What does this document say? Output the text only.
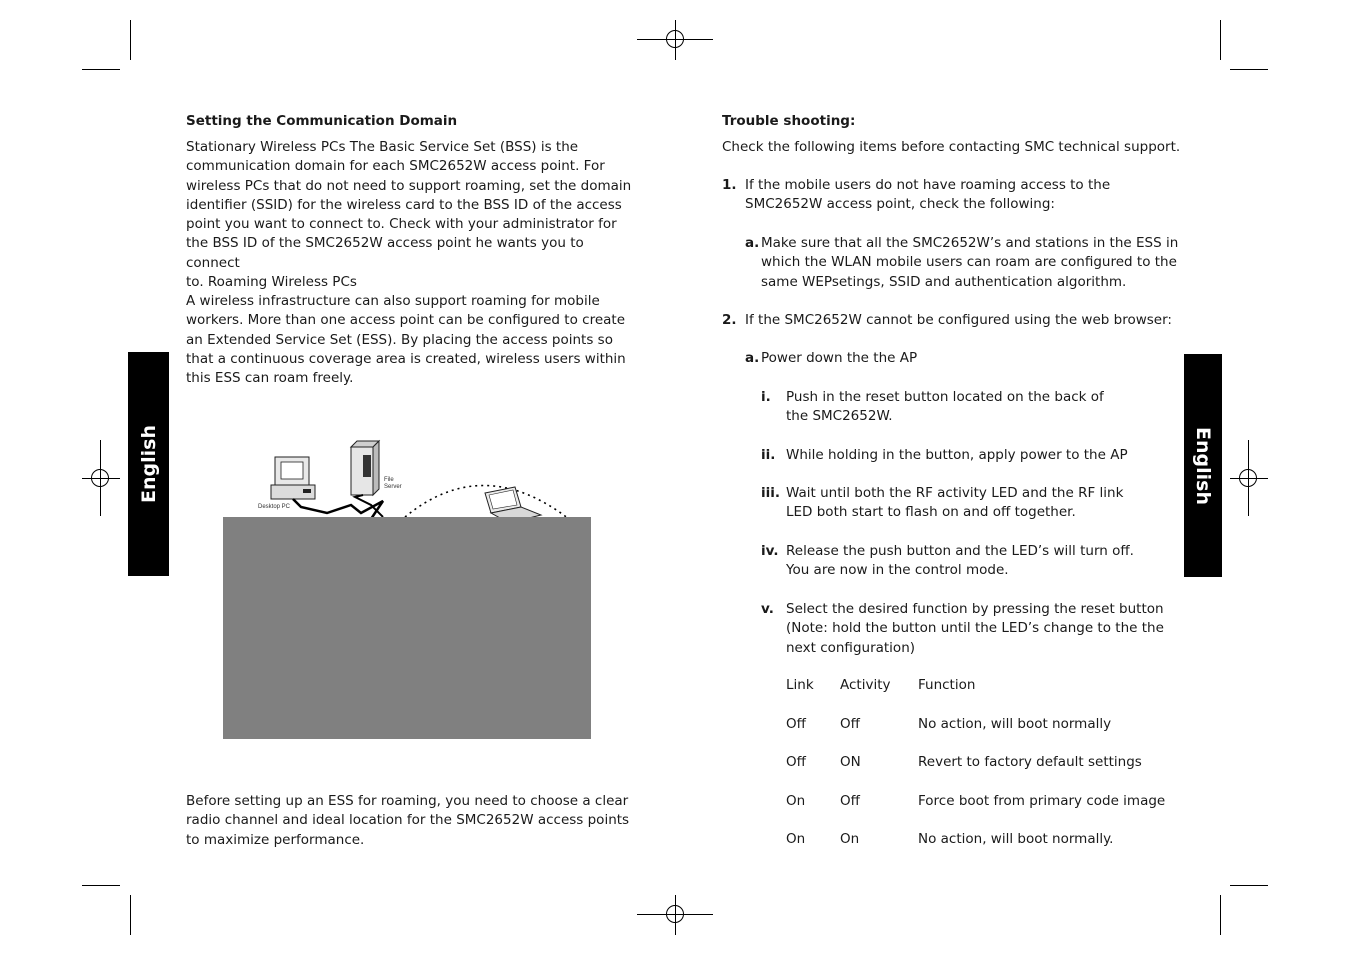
English	English
Setting the Communication Domain
Stationary Wireless PCs The Basic Service Set (BSS) is the
communication domain for each SMC2652W access point. For
wireless PCs that do not need to support roaming, set the domain
identifier (SSID) for the wireless card to the BSS ID of the access
point you want to connect to. Check with your administrator for
the BSS ID of the SMC2652W access point he wants you to connect
to. Roaming Wireless PCs
A wireless infrastructure can also support roaming for mobile
workers. More than one access point can be configured to create
an Extended Service Set (ESS). By placing the access points so
that a continuous coverage area is created, wireless users within
this ESS can roam freely.
Desktop PC
File
Server
Before setting up an ESS for roaming, you need to choose a clear
radio channel and ideal location for the SMC2652W access points
to maximize performance.
Trouble shooting:
Check the following items before contacting SMC technical support.
1. If the mobile users do not have roaming access to the
SMC2652W access point, check the following:
a. Make sure that all the SMC2652W’s and stations in the ESS in
which the WLAN mobile users can roam are configured to the
same WEPsetings, SSID and authentication algorithm.
2. If the SMC2652W cannot be configured using the web browser:
a. Power down the the AP
i. Push in the reset button located on the back of
the SMC2652W.
ii. While holding in the button, apply power to the AP
iii. Wait until both the RF activity LED and the RF link
LED both start to flash on and off together.
iv. Release the push button and the LED’s will turn off.
You are now in the control mode.
v. Select the desired function by pressing the reset button
(Note: hold the button until the LED’s change to the the
next configuration)
Link Activity Function
Off	Off	No action, will boot normally
Off	ON	Revert to factory default settings
On	Off	Force boot from primary code image
On	On	No action, will boot normally.
